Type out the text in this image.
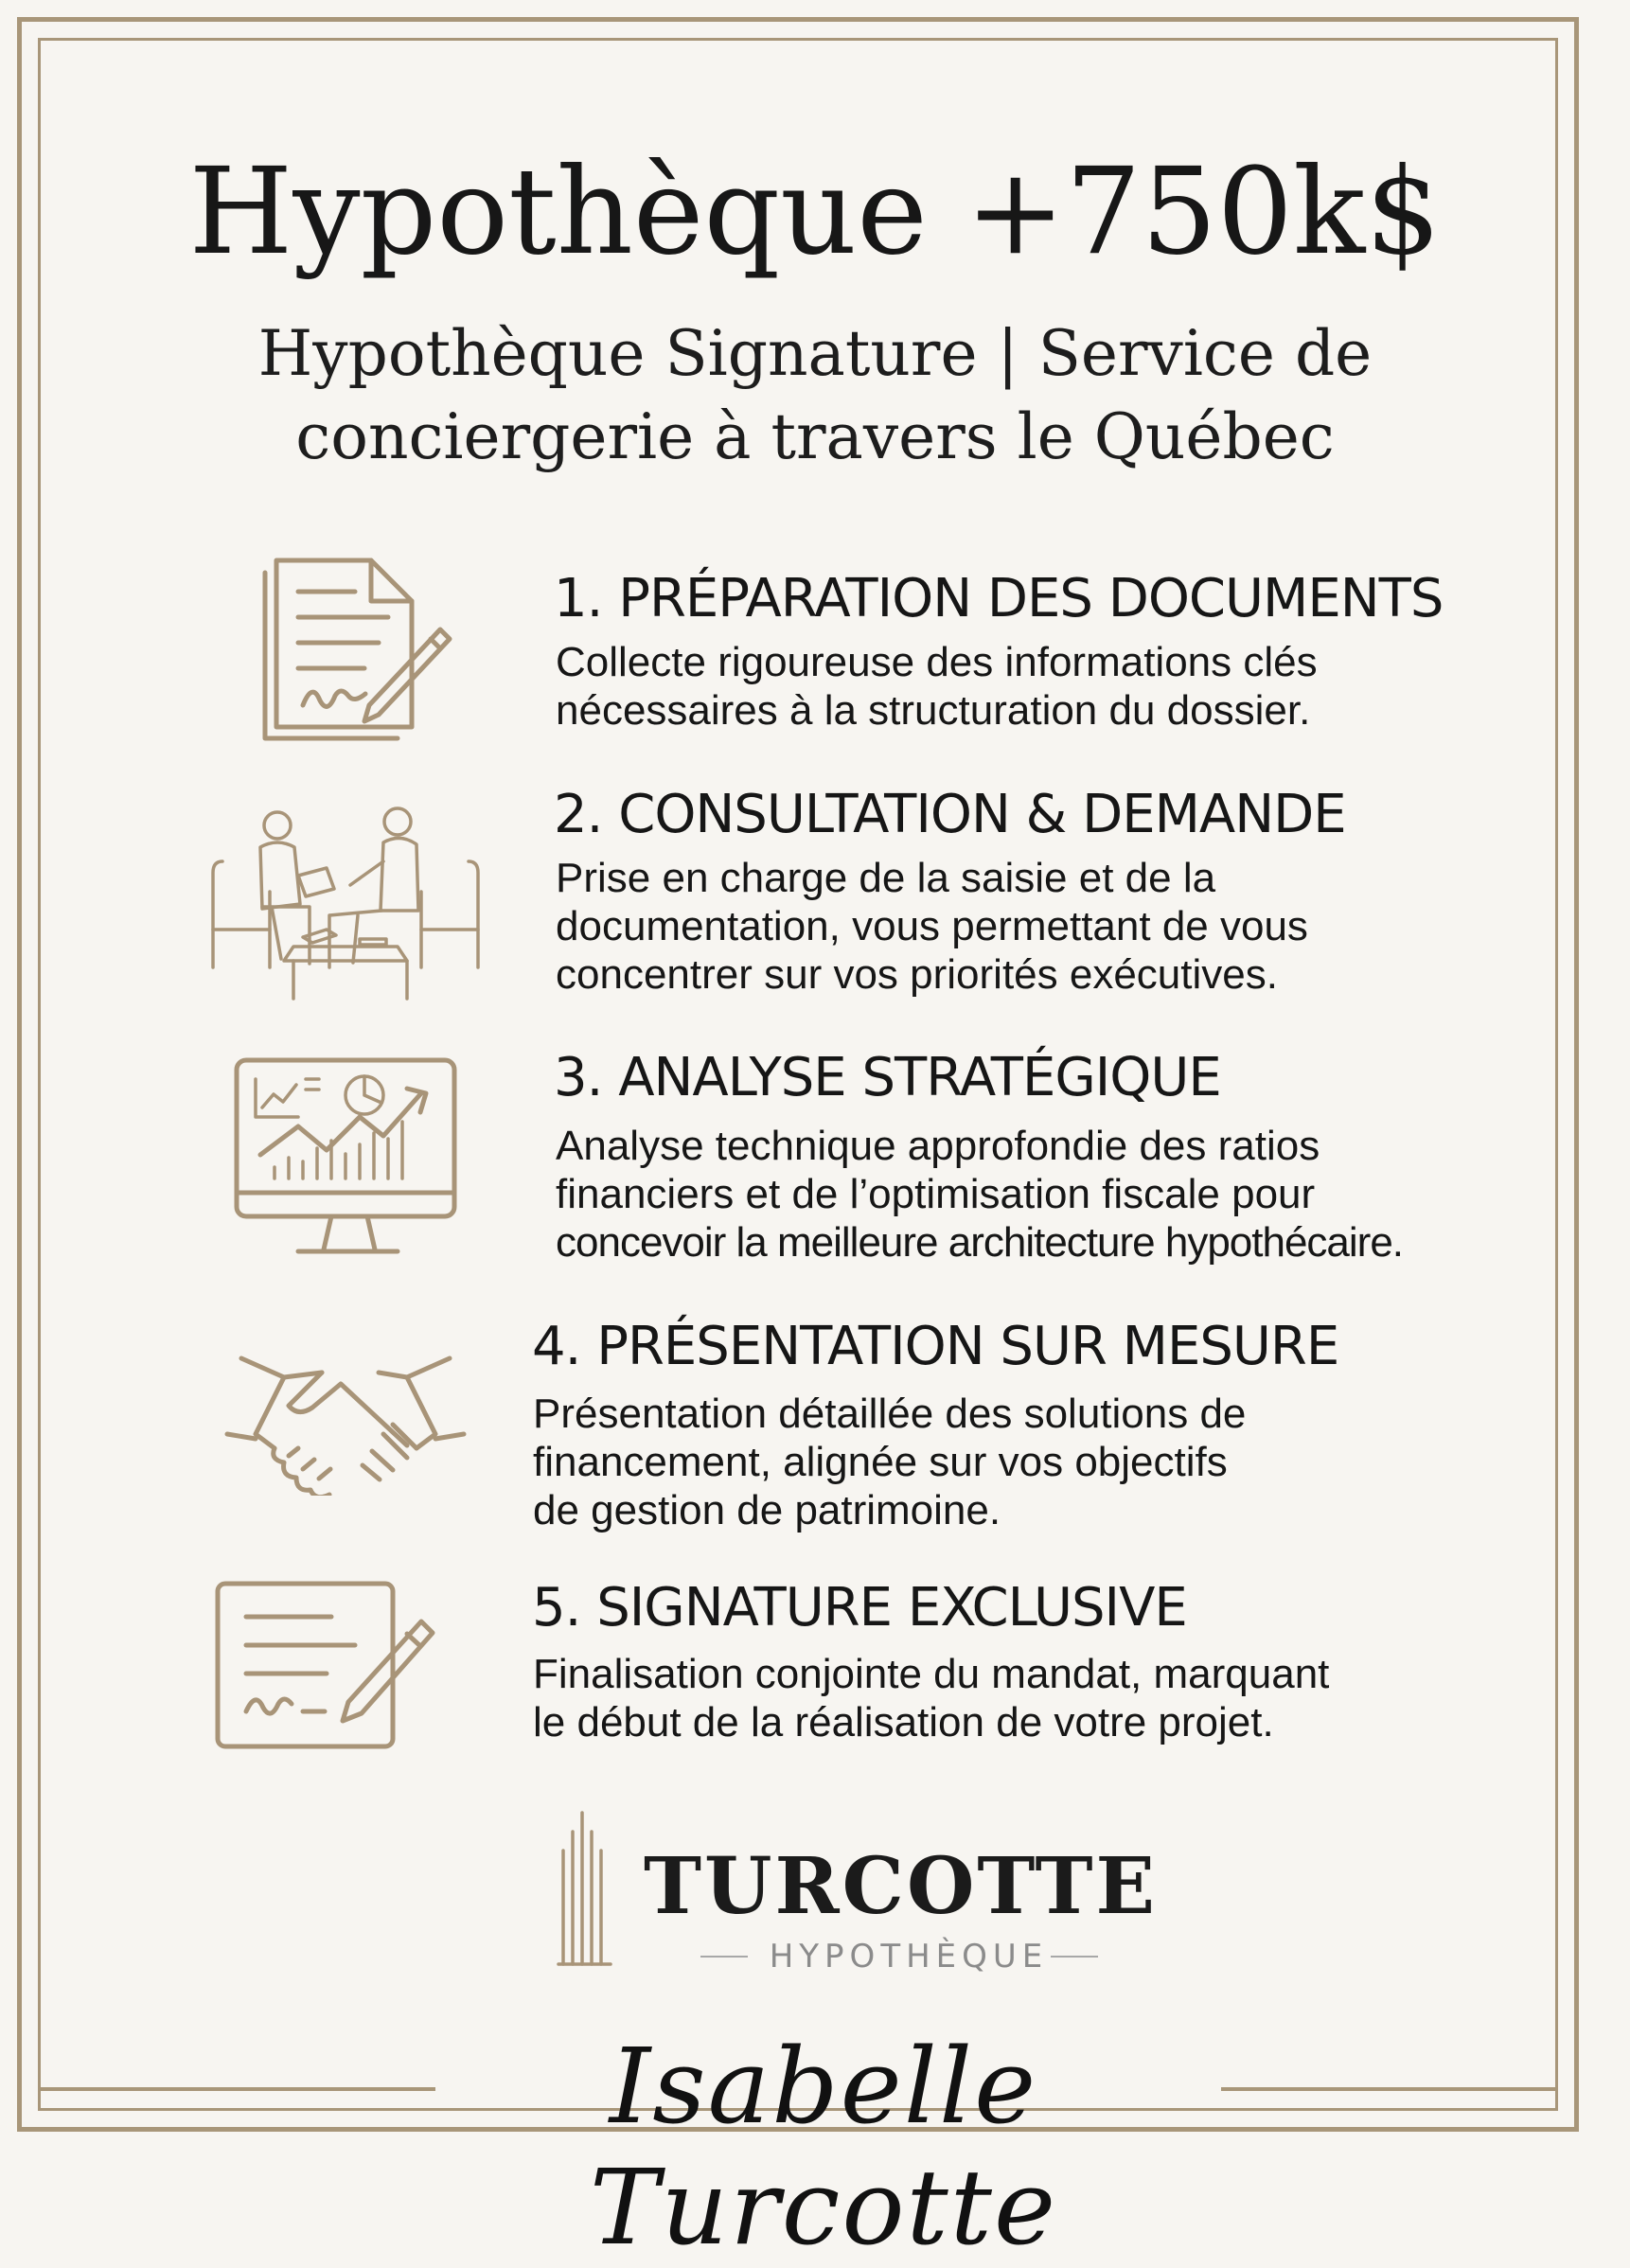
Hypothèque +750k$
Hypothèque Signature | Service de
conciergerie à travers le Québec
1. PRÉPARATION DES DOCUMENTS
Collecte rigoureuse des informations clés
nécessaires à la structuration du dossier.
2. CONSULTATION & DEMANDE
Prise en charge de la saisie et de la
documentation, vous permettant de vous
concentrer sur vos priorités exécutives.
3. ANALYSE STRATÉGIQUE
Analyse technique approfondie des ratios
financiers et de l’optimisation fiscale pour
concevoir la meilleure architecture hypothécaire.
4. PRÉSENTATION SUR MESURE
Présentation détaillée des solutions de
financement, alignée sur vos objectifs
de gestion de patrimoine.
5. SIGNATURE EXCLUSIVE
Finalisation conjointe du mandat, marquant
le début de la réalisation de votre projet.
TURCOTTE
HYPOTHÈQUE
Isabelle Turcotte
